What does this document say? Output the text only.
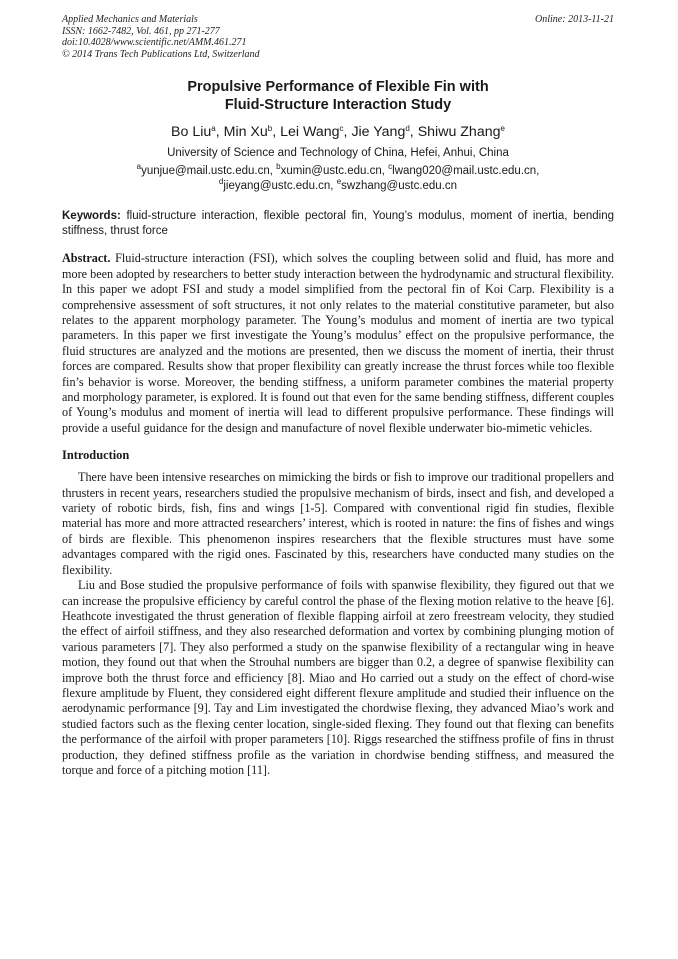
Applied Mechanics and Materials
ISSN: 1662-7482, Vol. 461, pp 271-277
doi:10.4028/www.scientific.net/AMM.461.271
© 2014 Trans Tech Publications Ltd, Switzerland
Online: 2013-11-21
Propulsive Performance of Flexible Fin with
Fluid-Structure Interaction Study
Bo Liu$^a$, Min Xu$^b$, Lei Wang$^c$, Jie Yang$^d$, Shiwu Zhang$^e$
University of Science and Technology of China, Hefei, Anhui, China
$^a$yunjue@mail.ustc.edu.cn, $^b$xumin@ustc.edu.cn, $^c$lwang020@mail.ustc.edu.cn,
$^d$jieyang@ustc.edu.cn, $^e$swzhang@ustc.edu.cn
Keywords: fluid-structure interaction, flexible pectoral fin, Young’s modulus, moment of inertia, bending stiffness, thrust force
Abstract. Fluid-structure interaction (FSI), which solves the coupling between solid and fluid, has more and more been adopted by researchers to better study interaction between the hydrodynamic and structural flexibility. In this paper we adopt FSI and study a model simplified from the pectoral fin of Koi Carp. Flexibility is a comprehensive assessment of soft structures, it not only relates to the material constitutive parameter, but also relates to the apparent morphology parameter. The Young’s modulus and moment of inertia are two typical parameters. In this paper we first investigate the Young’s modulus’ effect on the propulsive performance, the fluid structures are analyzed and the motions are presented, then we discuss the moment of inertia, their thrust forces are compared. Results show that proper flexibility can greatly increase the thrust forces while too flexible fin’s behavior is worse. Moreover, the bending stiffness, a uniform parameter combines the material property and morphology parameter, is explored. It is found out that even for the same bending stiffness, different couples of Young’s modulus and moment of inertia will lead to different propulsive performance. These findings will provide a useful guidance for the design and manufacture of novel flexible underwater bio-mimetic vehicles.
Introduction

There have been intensive researches on mimicking the birds or fish to improve our traditional propellers and thrusters in recent years, researchers studied the propulsive mechanism of birds, insect and fish, and developed a variety of robotic birds, fish, fins and wings [1-5]. Compared with conventional rigid fin studies, flexible material has more and more attracted researchers’ interest, which is rooted in nature: the fins of fishes and wings of birds are flexible. This phenomenon inspires researchers that the flexible structures must have some advantages compared with the rigid ones. Fascinated by this, researchers have conducted many studies on the flexibility.

Liu and Bose studied the propulsive performance of foils with spanwise flexibility, they figured out that we can increase the propulsive efficiency by careful control the phase of the flexing motion relative to the heave [6]. Heathcote investigated the thrust generation of flexible flapping airfoil at zero freestream velocity, they studied the effect of airfoil stiffness, and they also researched deformation and vortex by combining plunging motion of various parameters [7]. They also performed a study on the spanwise flexibility of a rectangular wing in heave motion, they found out that when the Strouhal numbers are bigger than 0.2, a degree of spanwise flexibility can improve both the thrust force and efficiency [8]. Miao and Ho carried out a study on the effect of chord-wise flexure amplitude by Fluent, they considered eight different flexure amplitude and studied their influence on the aerodynamic performance [9]. Tay and Lim investigated the chordwise flexing, they advanced Miao’s work and studied factors such as the flexing center location, single-sided flexing. They found out that flexing can benefits the performance of the airfoil with proper parameters [10]. Riggs researched the stiffness profile of fins in thrust production, they defined stiffness profile as the variation in chordwise bending stiffness, and measured the torque and force of a pitching motion [11].
